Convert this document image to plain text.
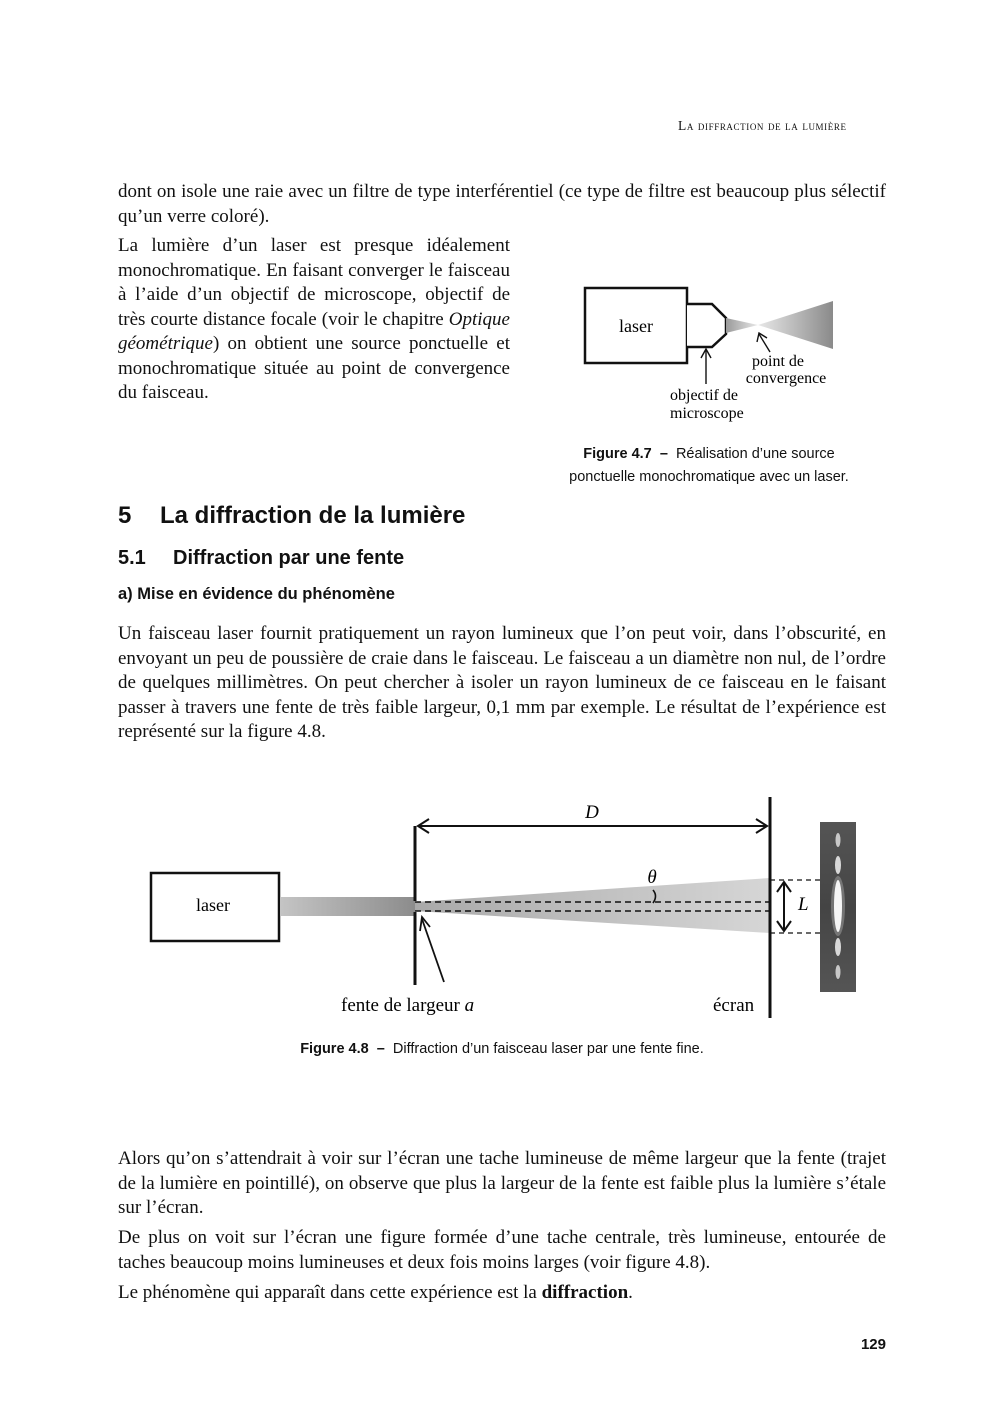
La diffraction de la lumière

dont on isole une raie avec un filtre de type interférentiel (ce type de filtre est beaucoup plus sélectif qu’un verre coloré).

La lumière d’un laser est presque idéalement monochromatique. En faisant converger le faisceau à l’aide d’un objectif de microscope, objectif de très courte distance focale (voir le chapitre Optique géométrique) on obtient une source ponctuelle et monochromatique située au point de convergence du faisceau.

laser
point de
convergence
objectif de
microscope
Figure 4.7 – Réalisation d’une source
ponctuelle monochromatique avec un laser.
5 La diffraction de la lumière
5.1 Diffraction par une fente
a) Mise en évidence du phénomène

Un faisceau laser fournit pratiquement un rayon lumineux que l’on peut voir, dans l’obscurité, en envoyant un peu de poussière de craie dans le faisceau. Le faisceau a un diamètre non nul, de l’ordre de quelques millimètres. On peut chercher à isoler un rayon lumineux de ce faisceau en le faisant passer à travers une fente de très faible largeur, 0,1 mm par exemple. Le résultat de l’expérience est représenté sur la figure 4.8.

laser
D
θ
L
fente de largeur a	écran
Figure 4.8 – Diffraction d’un faisceau laser par une fente fine.

Alors qu’on s’attendrait à voir sur l’écran une tache lumineuse de même largeur que la fente (trajet de la lumière en pointillé), on observe que plus la largeur de la fente est faible plus la lumière s’étale sur l’écran.

De plus on voit sur l’écran une figure formée d’une tache centrale, très lumineuse, entourée de taches beaucoup moins lumineuses et deux fois moins larges (voir figure 4.8).

Le phénomène qui apparaît dans cette expérience est la diffraction.

129
